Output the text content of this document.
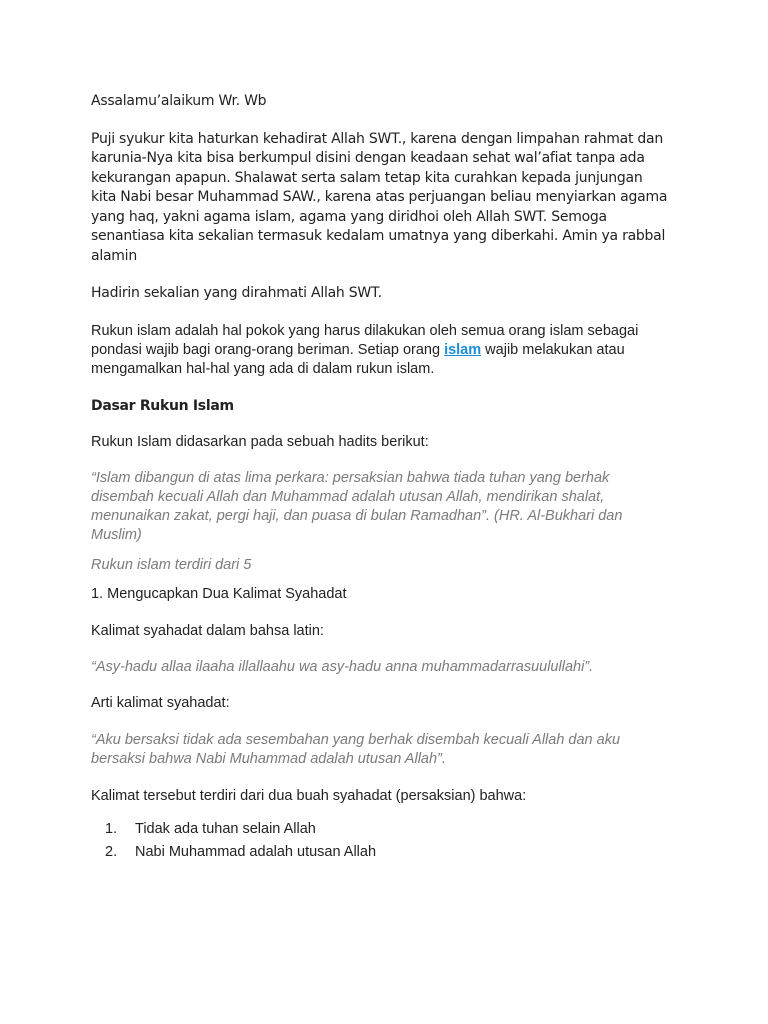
Assalamu’alaikum Wr. Wb

Puji syukur kita haturkan kehadirat Allah SWT., karena dengan limpahan rahmat dan karunia-Nya kita bisa berkumpul disini dengan keadaan sehat wal’afiat tanpa ada kekurangan apapun. Shalawat serta salam tetap kita curahkan kepada junjungan kita Nabi besar Muhammad SAW., karena atas perjuangan beliau menyiarkan agama yang haq, yakni agama islam, agama yang diridhoi oleh Allah SWT. Semoga senantiasa kita sekalian termasuk kedalam umatnya yang diberkahi. Amin ya rabbal alamin

Hadirin sekalian yang dirahmati Allah SWT.

Rukun islam adalah hal pokok yang harus dilakukan oleh semua orang islam sebagai pondasi wajib bagi orang-orang beriman. Setiap orang islam wajib melakukan atau mengamalkan hal-hal yang ada di dalam rukun islam.

Dasar Rukun Islam

Rukun Islam didasarkan pada sebuah hadits berikut:

“Islam dibangun di atas lima perkara: persaksian bahwa tiada tuhan yang berhak disembah kecuali Allah dan Muhammad adalah utusan Allah, mendirikan shalat, menunaikan zakat, pergi haji, dan puasa di bulan Ramadhan”. (HR. Al-Bukhari dan Muslim)

Rukun islam terdiri dari 5

1. Mengucapkan Dua Kalimat Syahadat

Kalimat syahadat dalam bahsa latin:

“Asy-hadu allaa ilaaha illallaahu wa asy-hadu anna muhammadarrasuulullahi”.

Arti kalimat syahadat:

“Aku bersaksi tidak ada sesembahan yang berhak disembah kecuali Allah dan aku bersaksi bahwa Nabi Muhammad adalah utusan Allah”.

Kalimat tersebut terdiri dari dua buah syahadat (persaksian) bahwa:

1. Tidak ada tuhan selain Allah
2. Nabi Muhammad adalah utusan Allah
